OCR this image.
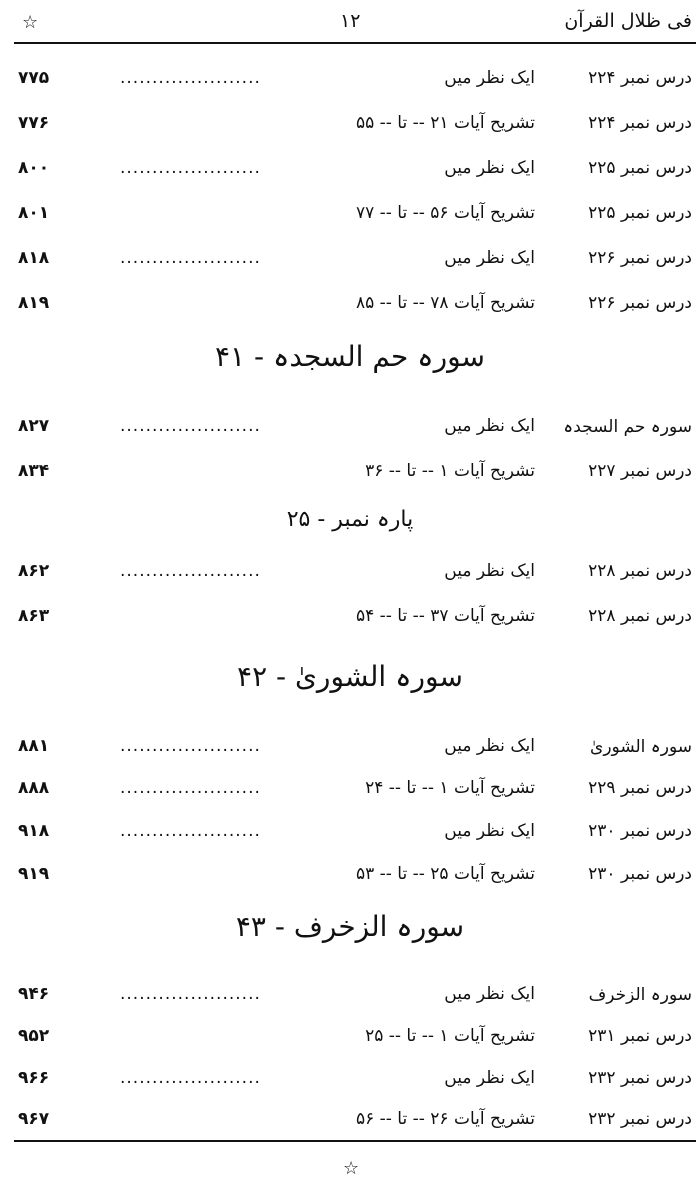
☆	١٢	فی ظلال القرآن
درس نمبر ۲۲۴
ایک نظر میں
......................
۷۷۵
درس نمبر ۲۲۴
تشریح آیات ۲۱ -- تا -- ۵۵
۷۷۶
درس نمبر ۲۲۵
ایک نظر میں
......................
۸۰۰
درس نمبر ۲۲۵
تشریح آیات ۵۶ -- تا -- ۷۷
۸۰۱
درس نمبر ۲۲۶
ایک نظر میں
......................
۸۱۸
درس نمبر ۲۲۶
تشریح آیات ۷۸ -- تا -- ۸۵
۸۱۹
سورہ حم السجدہ - ۴۱
سورہ حم السجدہ
ایک نظر میں
......................
۸۲۷
درس نمبر ۲۲۷
تشریح آیات ۱ -- تا -- ۳۶
۸۳۴
پارہ نمبر - ۲۵
درس نمبر ۲۲۸
ایک نظر میں
......................
۸۶۲
درس نمبر ۲۲۸
تشریح آیات ۳۷ -- تا -- ۵۴
۸۶۳
سورہ الشوریٰ - ۴۲
سورہ الشوریٰ
ایک نظر میں
......................
۸۸۱
درس نمبر ۲۲۹
تشریح آیات ۱ -- تا -- ۲۴
......................
۸۸۸
درس نمبر ۲۳۰
ایک نظر میں
......................
۹۱۸
درس نمبر ۲۳۰
تشریح آیات ۲۵ -- تا -- ۵۳
۹۱۹
سورہ الزخرف - ۴۳
سورہ الزخرف
ایک نظر میں
......................
۹۴۶
درس نمبر ۲۳۱
تشریح آیات ۱ -- تا -- ۲۵
۹۵۲
درس نمبر ۲۳۲
ایک نظر میں
......................
۹۶۶
درس نمبر ۲۳۲
تشریح آیات ۲۶ -- تا -- ۵۶
۹۶۷
☆
